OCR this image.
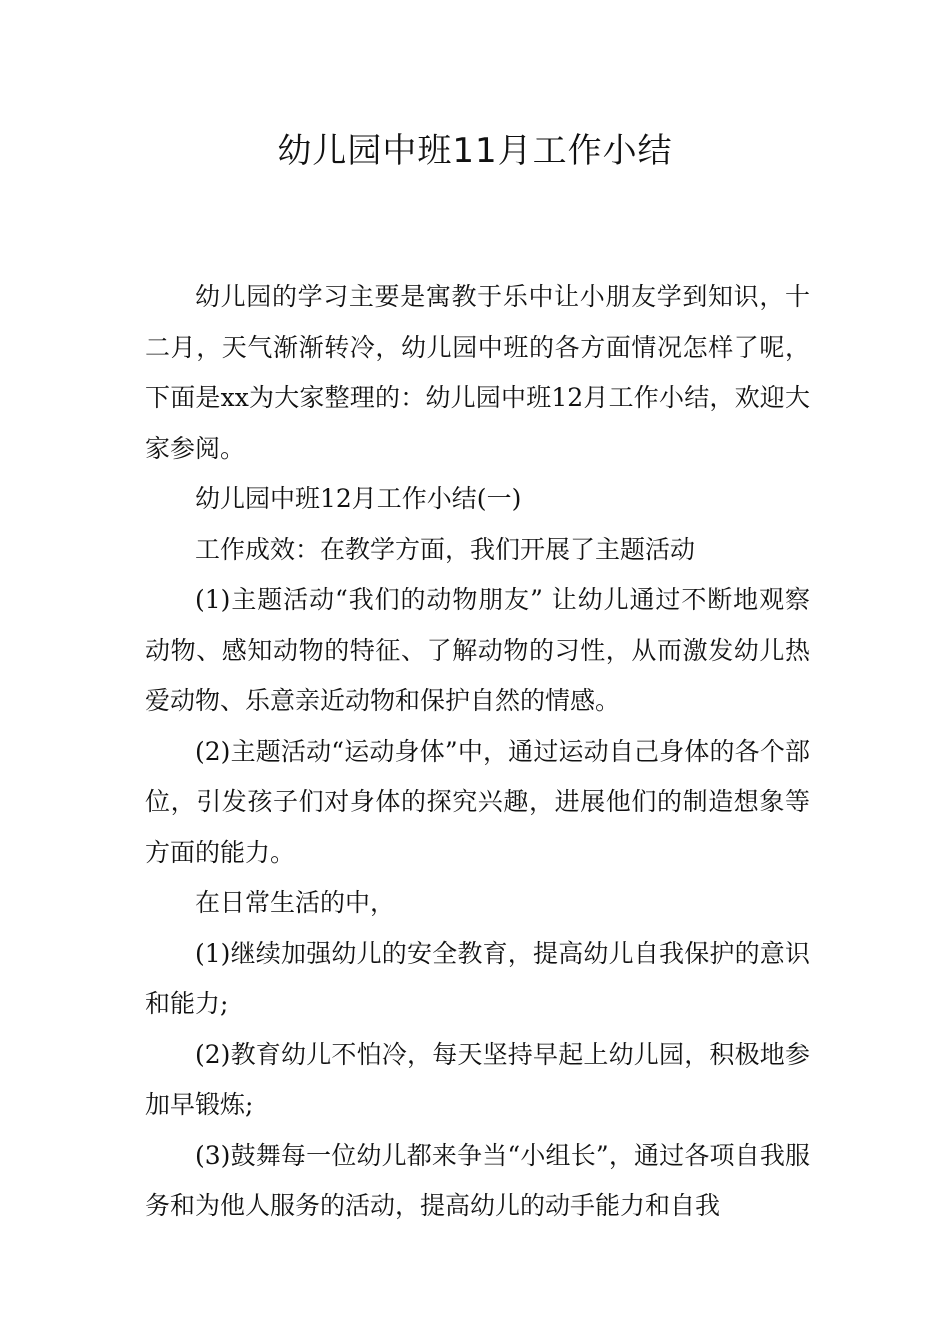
幼儿园中班11月工作小结

幼儿园的学习主要是寓教于乐中让小朋友学到知识，十二月，天气渐渐转冷，幼儿园中班的各方面情况怎样了呢，下面是xx为大家整理的：幼儿园中班12月工作小结，欢迎大家参阅。

幼儿园中班12月工作小结(一)

工作成效：在教学方面，我们开展了主题活动

(1)主题活动“我们的动物朋友” 让幼儿通过不断地观察动物、感知动物的特征、了解动物的习性，从而激发幼儿热爱动物、乐意亲近动物和保护自然的情感。

(2)主题活动“运动身体”中，通过运动自己身体的各个部位，引发孩子们对身体的探究兴趣，进展他们的制造想象等方面的能力。

在日常生活的中，

(1)继续加强幼儿的安全教育，提高幼儿自我保护的意识和能力;

(2)教育幼儿不怕冷，每天坚持早起上幼儿园，积极地参加早锻炼;

(3)鼓舞每一位幼儿都来争当“小组长”，通过各项自我服务和为他人服务的活动，提高幼儿的动手能力和自我
